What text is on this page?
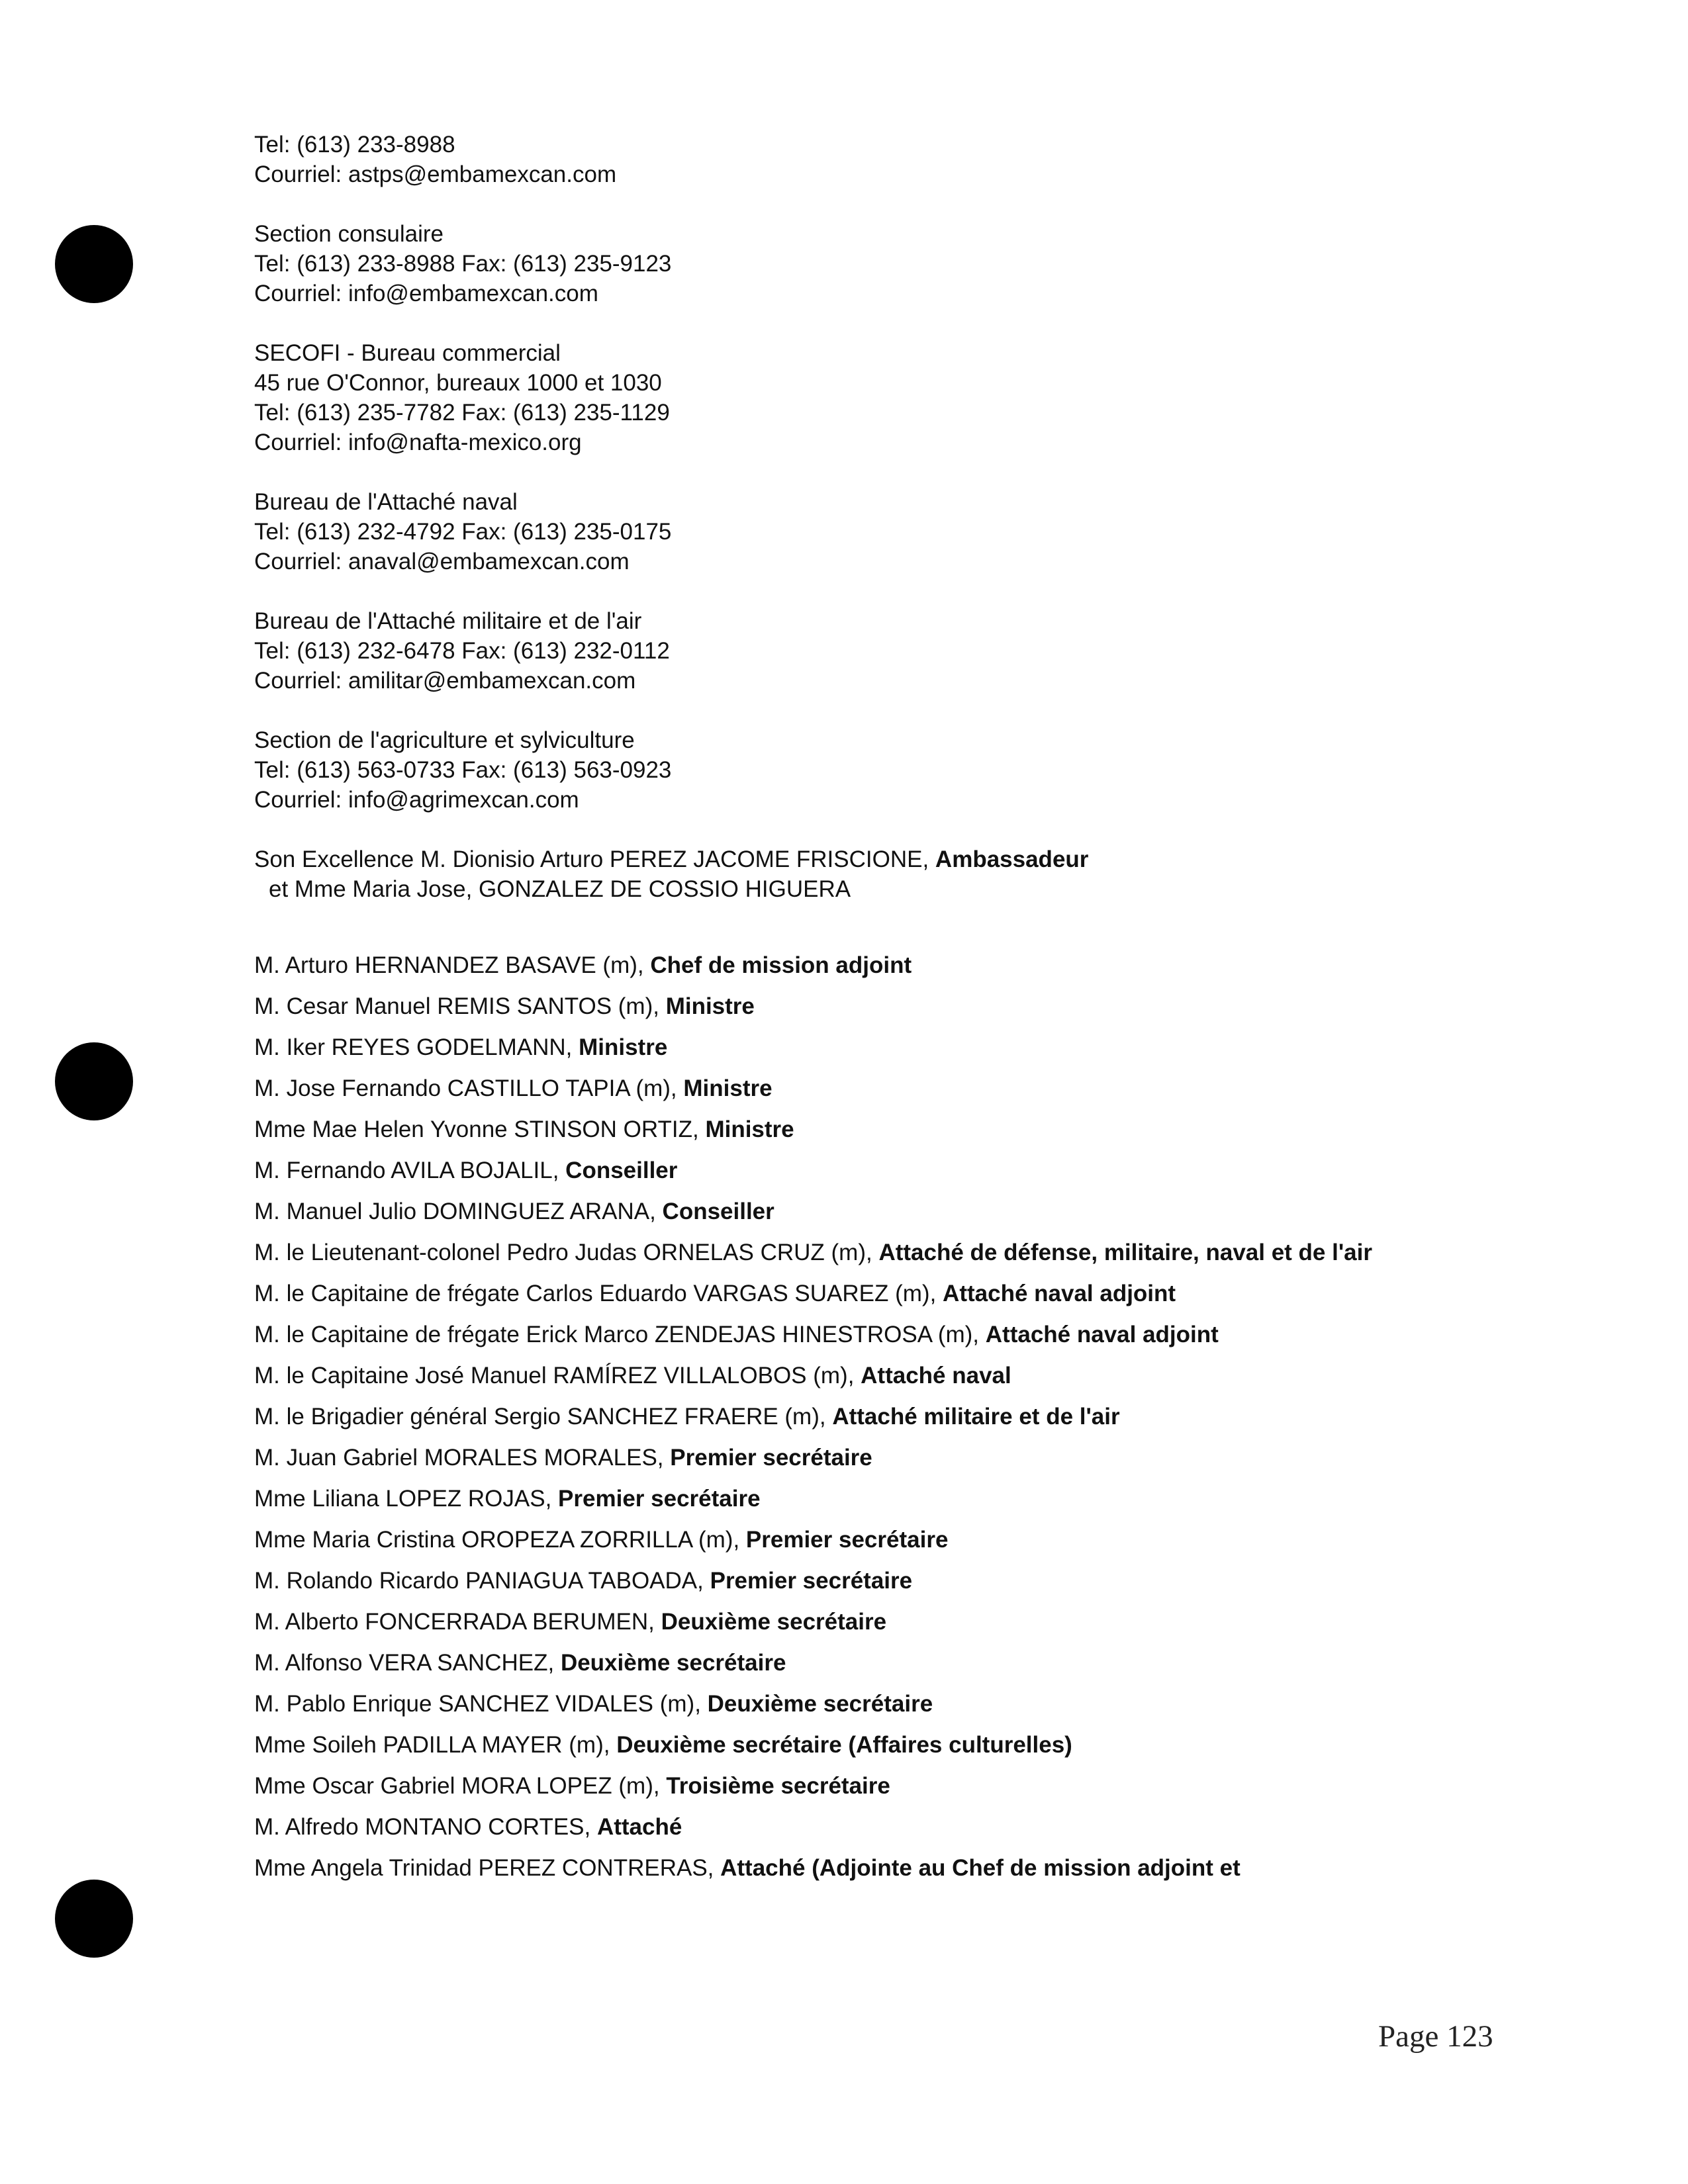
Tel: (613) 233-8988
Courriel: astps@embamexcan.com
Section consulaire
Tel: (613) 233-8988 Fax: (613) 235-9123
Courriel: info@embamexcan.com
SECOFI - Bureau commercial
45 rue O'Connor, bureaux 1000 et 1030
Tel: (613) 235-7782 Fax: (613) 235-1129
Courriel: info@nafta-mexico.org
Bureau de l'Attaché naval
Tel: (613) 232-4792 Fax: (613) 235-0175
Courriel: anaval@embamexcan.com
Bureau de l'Attaché militaire et de l'air
Tel: (613) 232-6478 Fax: (613) 232-0112
Courriel: amilitar@embamexcan.com
Section de l'agriculture et sylviculture
Tel: (613) 563-0733 Fax: (613) 563-0923
Courriel: info@agrimexcan.com
Son Excellence M. Dionisio Arturo PEREZ JACOME FRISCIONE, Ambassadeur
et Mme Maria Jose, GONZALEZ DE COSSIO HIGUERA
M. Arturo HERNANDEZ BASAVE (m), Chef de mission adjoint
M. Cesar Manuel REMIS SANTOS (m), Ministre
M. Iker REYES GODELMANN, Ministre
M. Jose Fernando CASTILLO TAPIA (m), Ministre
Mme Mae Helen Yvonne STINSON ORTIZ, Ministre
M. Fernando AVILA BOJALIL, Conseiller
M. Manuel Julio DOMINGUEZ ARANA, Conseiller
M. le Lieutenant-colonel Pedro Judas ORNELAS CRUZ (m), Attaché de défense, militaire, naval et de l'air
M. le Capitaine de frégate Carlos Eduardo VARGAS SUAREZ (m), Attaché naval adjoint
M. le Capitaine de frégate Erick Marco ZENDEJAS HINESTROSA (m), Attaché naval adjoint
M. le Capitaine José Manuel RAMÍREZ VILLALOBOS (m), Attaché naval
M. le Brigadier général Sergio SANCHEZ FRAERE (m), Attaché militaire et de l'air
M. Juan Gabriel MORALES MORALES, Premier secrétaire
Mme Liliana LOPEZ ROJAS, Premier secrétaire
Mme Maria Cristina OROPEZA ZORRILLA (m), Premier secrétaire
M. Rolando Ricardo PANIAGUA TABOADA, Premier secrétaire
M. Alberto FONCERRADA BERUMEN, Deuxième secrétaire
M. Alfonso VERA SANCHEZ, Deuxième secrétaire
M. Pablo Enrique SANCHEZ VIDALES (m), Deuxième secrétaire
Mme Soileh PADILLA MAYER (m), Deuxième secrétaire (Affaires culturelles)
Mme Oscar Gabriel MORA LOPEZ (m), Troisième secrétaire
M. Alfredo MONTANO CORTES, Attaché
Mme Angela Trinidad PEREZ CONTRERAS, Attaché (Adjointe au Chef de mission adjoint et
Page 123
